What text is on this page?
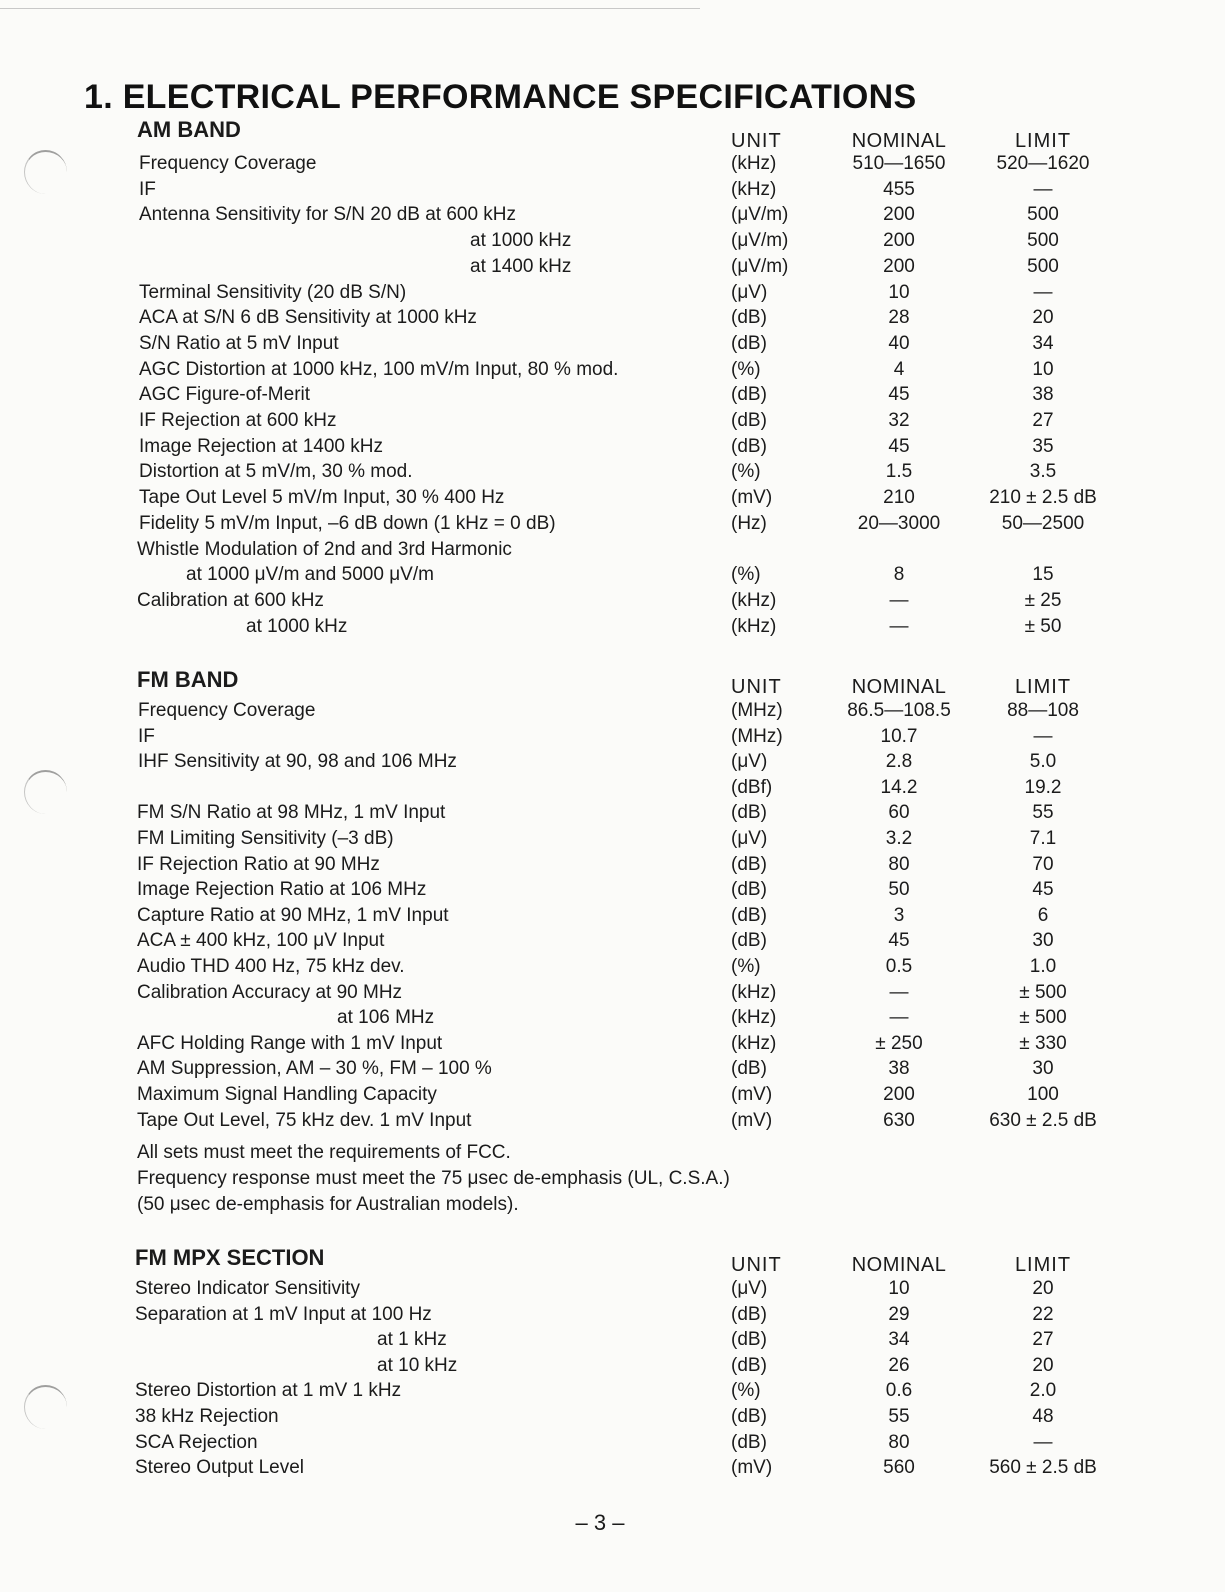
1. ELECTRICAL PERFORMANCE SPECIFICATIONS
AM BAND	UNIT	NOMINAL	LIMIT
Frequency Coverage	(kHz)	510—1650	520—1620
IF	(kHz)	455	—
Antenna Sensitivity for S/N 20 dB at 600 kHz	(μV/m)	200	500
at 1000 kHz	(μV/m)	200	500
at 1400 kHz	(μV/m)	200	500
Terminal Sensitivity (20 dB S/N)	(μV)	10	—
ACA at S/N 6 dB Sensitivity at 1000 kHz	(dB)	28	20
S/N Ratio at 5 mV Input	(dB)	40	34
AGC Distortion at 1000 kHz, 100 mV/m Input, 80 % mod.	(%)	4	10
AGC Figure-of-Merit	(dB)	45	38
IF Rejection at 600 kHz	(dB)	32	27
Image Rejection at 1400 kHz	(dB)	45	35
Distortion at 5 mV/m, 30 % mod.	(%)	1.5	3.5
Tape Out Level 5 mV/m Input, 30 % 400 Hz	(mV)	210	210 ± 2.5 dB
Fidelity 5 mV/m Input, –6 dB down (1 kHz = 0 dB)	(Hz)	20—3000	50—2500
Whistle Modulation of 2nd and 3rd Harmonic
at 1000 μV/m and 5000 μV/m	(%)	8	15
Calibration at 600 kHz	(kHz)	—	± 25
at 1000 kHz	(kHz)	—	± 50
FM BAND	UNIT	NOMINAL	LIMIT
Frequency Coverage	(MHz)	86.5—108.5	88—108
IF	(MHz)	10.7	—
IHF Sensitivity at 90, 98 and 106 MHz	(μV)	2.8	5.0
(dBf)	14.2	19.2
FM S/N Ratio at 98 MHz, 1 mV Input	(dB)	60	55
FM Limiting Sensitivity (–3 dB)	(μV)	3.2	7.1
IF Rejection Ratio at 90 MHz	(dB)	80	70
Image Rejection Ratio at 106 MHz	(dB)	50	45
Capture Ratio at 90 MHz, 1 mV Input	(dB)	3	6
ACA ± 400 kHz, 100 μV Input	(dB)	45	30
Audio THD 400 Hz, 75 kHz dev.	(%)	0.5	1.0
Calibration Accuracy at 90 MHz	(kHz)	—	± 500
at 106 MHz	(kHz)	—	± 500
AFC Holding Range with 1 mV Input	(kHz)	± 250	± 330
AM Suppression, AM – 30 %, FM – 100 %	(dB)	38	30
Maximum Signal Handling Capacity	(mV)	200	100
Tape Out Level, 75 kHz dev. 1 mV Input	(mV)	630	630 ± 2.5 dB
All sets must meet the requirements of FCC.
Frequency response must meet the 75 μsec de-emphasis (UL, C.S.A.)
(50 μsec de-emphasis for Australian models).
FM MPX SECTION	UNIT	NOMINAL	LIMIT
Stereo Indicator Sensitivity	(μV)	10	20
Separation at 1 mV Input at 100 Hz	(dB)	29	22
at 1 kHz	(dB)	34	27
at 10 kHz	(dB)	26	20
Stereo Distortion at 1 mV 1 kHz	(%)	0.6	2.0
38 kHz Rejection	(dB)	55	48
SCA Rejection	(dB)	80	—
Stereo Output Level	(mV)	560	560 ± 2.5 dB
– 3 –
